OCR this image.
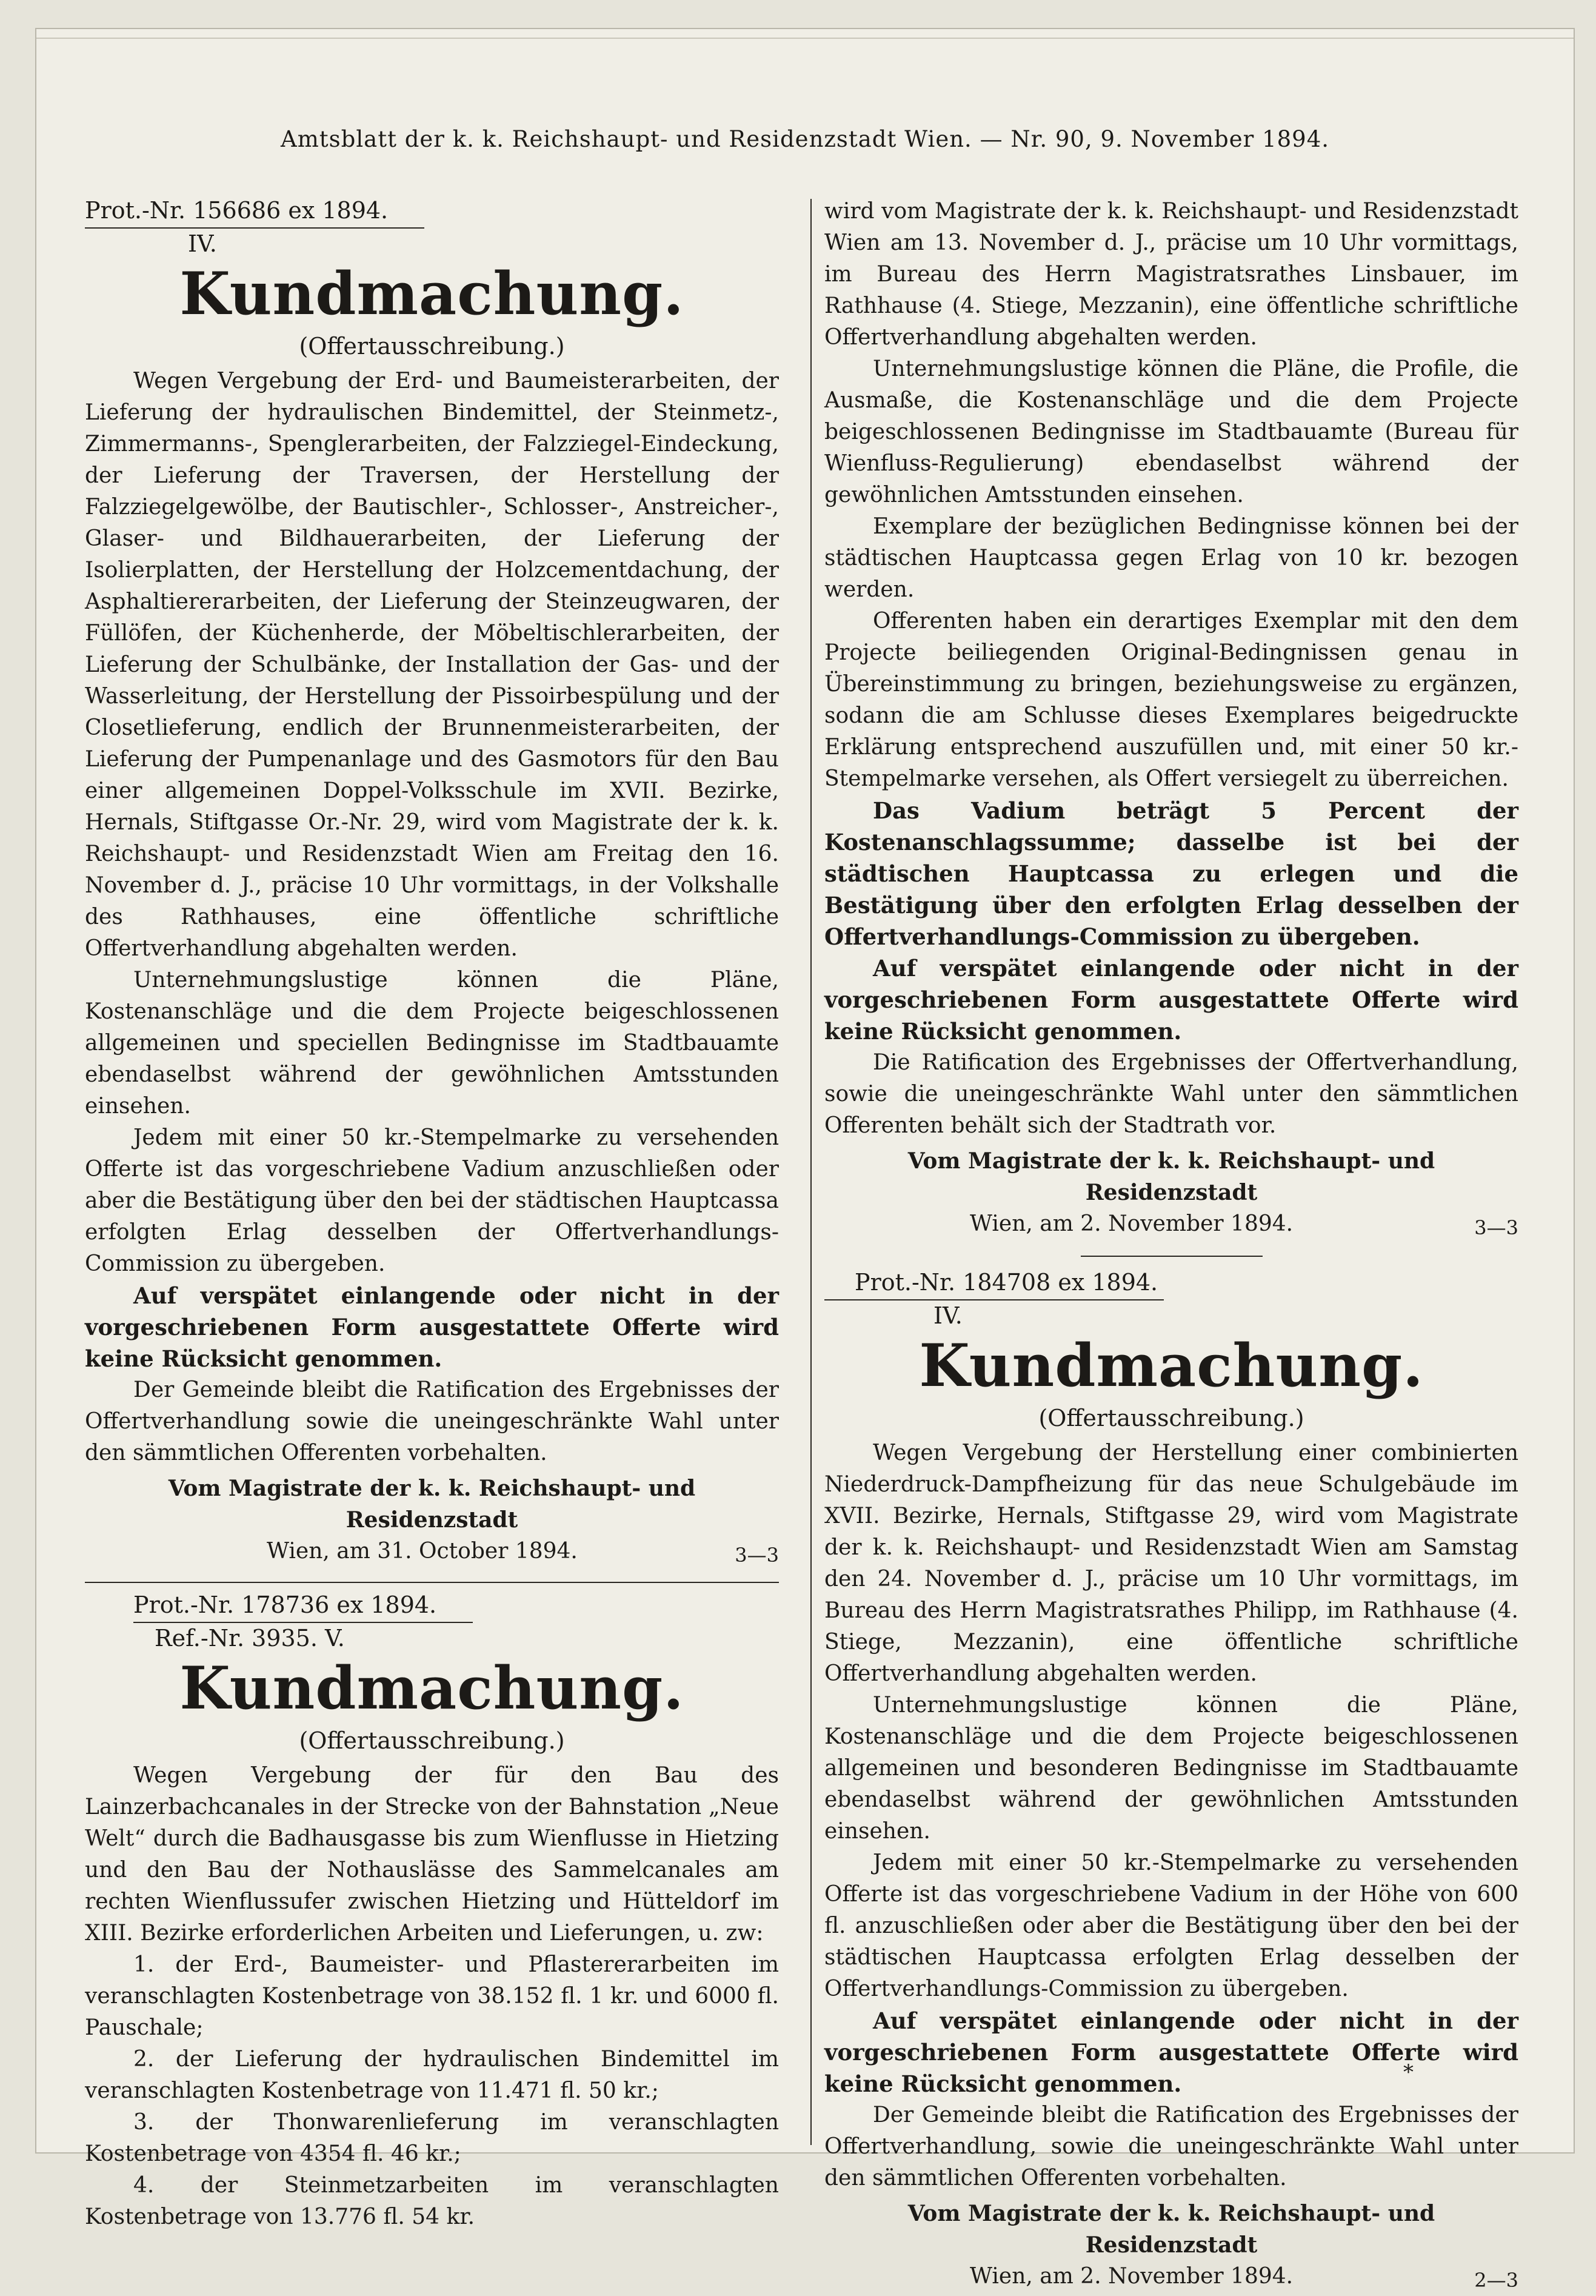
Amtsblatt der k. k. Reichshaupt- und Residenzstadt Wien. — Nr. 90, 9. November 1894.
Prot.-Nr. 156686 ex 1894.
IV.
Kundmachung.
(Offertausschreibung.)

Wegen Vergebung der Erd- und Baumeisterarbeiten, der Lieferung der hydraulischen Bindemittel, der Steinmetz-, Zimmermanns-, Spenglerarbeiten, der Falzziegel-Eindeckung, der Lieferung der Traversen, der Herstellung der Falzziegelgewölbe, der Bautischler-, Schlosser-, Anstreicher-, Glaser- und Bildhauerarbeiten, der Lieferung der Isolierplatten, der Herstellung der Holzcementdachung, der Asphaltiererarbeiten, der Lieferung der Steinzeugwaren, der Füllöfen, der Küchenherde, der Möbeltischlerarbeiten, der Lieferung der Schulbänke, der Installation der Gas- und der Wasserleitung, der Herstellung der Pissoirbespülung und der Closetlieferung, endlich der Brunnenmeisterarbeiten, der Lieferung der Pumpenanlage und des Gasmotors für den Bau einer allgemeinen Doppel-Volksschule im XVII. Bezirke, Hernals, Stiftgasse Or.-Nr. 29, wird vom Magistrate der k. k. Reichshaupt- und Residenzstadt Wien am Freitag den 16. November d. J., präcise 10 Uhr vormittags, in der Volkshalle des Rathhauses, eine öffentliche schriftliche Offertverhandlung abgehalten werden.

Unternehmungslustige können die Pläne, Kostenanschläge und die dem Projecte beigeschlossenen allgemeinen und speciellen Bedingnisse im Stadtbauamte ebendaselbst während der gewöhnlichen Amtsstunden einsehen.

Jedem mit einer 50 kr.-Stempelmarke zu versehenden Offerte ist das vorgeschriebene Vadium anzuschließen oder aber die Bestätigung über den bei der städtischen Hauptcassa erfolgten Erlag desselben der Offertverhandlungs-Commission zu übergeben.

Auf verspätet einlangende oder nicht in der vorgeschriebenen Form ausgestattete Offerte wird keine Rücksicht genommen.

Der Gemeinde bleibt die Ratification des Ergebnisses der Offertverhandlung sowie die uneingeschränkte Wahl unter den sämmtlichen Offerenten vorbehalten.

Vom Magistrate der k. k. Reichshaupt- und Residenzstadt
Wien, am 31. October 1894.	3—3
Prot.-Nr. 178736 ex 1894.
Ref.-Nr. 3935. V.
Kundmachung.
(Offertausschreibung.)

Wegen Vergebung der für den Bau des Lainzerbachcanales in der Strecke von der Bahnstation „Neue Welt“ durch die Badhausgasse bis zum Wienflusse in Hietzing und den Bau der Nothauslässe des Sammelcanales am rechten Wienflussufer zwischen Hietzing und Hütteldorf im XIII. Bezirke erforderlichen Arbeiten und Lieferungen, u. zw:

1. der Erd-, Baumeister- und Pflastererarbeiten im veranschlagten Kostenbetrage von 38.152 fl. 1 kr. und 6000 fl. Pauschale;

2. der Lieferung der hydraulischen Bindemittel im veranschlagten Kostenbetrage von 11.471 fl. 50 kr.;

3. der Thonwarenlieferung im veranschlagten Kostenbetrage von 4354 fl. 46 kr.;

4. der Steinmetzarbeiten im veranschlagten Kostenbetrage von 13.776 fl. 54 kr.

wird vom Magistrate der k. k. Reichshaupt- und Residenzstadt Wien am 13. November d. J., präcise um 10 Uhr vormittags, im Bureau des Herrn Magistratsrathes Linsbauer, im Rathhause (4. Stiege, Mezzanin), eine öffentliche schriftliche Offertverhandlung abgehalten werden.

Unternehmungslustige können die Pläne, die Profile, die Ausmaße, die Kostenanschläge und die dem Projecte beigeschlossenen Bedingnisse im Stadtbauamte (Bureau für Wienfluss-Regulierung) ebendaselbst während der gewöhnlichen Amtsstunden einsehen.

Exemplare der bezüglichen Bedingnisse können bei der städtischen Hauptcassa gegen Erlag von 10 kr. bezogen werden.

Offerenten haben ein derartiges Exemplar mit den dem Projecte beiliegenden Original-Bedingnissen genau in Übereinstimmung zu bringen, beziehungsweise zu ergänzen, sodann die am Schlusse dieses Exemplares beigedruckte Erklärung entsprechend auszufüllen und, mit einer 50 kr.-Stempelmarke versehen, als Offert versiegelt zu überreichen.

Das Vadium beträgt 5 Percent der Kostenanschlagssumme; dasselbe ist bei der städtischen Hauptcassa zu erlegen und die Bestätigung über den erfolgten Erlag desselben der Offertverhandlungs-Commission zu übergeben.

Auf verspätet einlangende oder nicht in der vorgeschriebenen Form ausgestattete Offerte wird keine Rücksicht genommen.

Die Ratification des Ergebnisses der Offertverhandlung, sowie die uneingeschränkte Wahl unter den sämmtlichen Offerenten behält sich der Stadtrath vor.

Vom Magistrate der k. k. Reichshaupt- und Residenzstadt
Wien, am 2. November 1894.	3—3
Prot.-Nr. 184708 ex 1894.
IV.
Kundmachung.
(Offertausschreibung.)

Wegen Vergebung der Herstellung einer combinierten Niederdruck-Dampfheizung für das neue Schulgebäude im XVII. Bezirke, Hernals, Stiftgasse 29, wird vom Magistrate der k. k. Reichshaupt- und Residenzstadt Wien am Samstag den 24. November d. J., präcise um 10 Uhr vormittags, im Bureau des Herrn Magistratsrathes Philipp, im Rathhause (4. Stiege, Mezzanin), eine öffentliche schriftliche Offertverhandlung abgehalten werden.

Unternehmungslustige können die Pläne, Kostenanschläge und die dem Projecte beigeschlossenen allgemeinen und besonderen Bedingnisse im Stadtbauamte ebendaselbst während der gewöhnlichen Amtsstunden einsehen.

Jedem mit einer 50 kr.-Stempelmarke zu versehenden Offerte ist das vorgeschriebene Vadium in der Höhe von 600 fl. anzuschließen oder aber die Bestätigung über den bei der städtischen Hauptcassa erfolgten Erlag desselben der Offertverhandlungs-Commission zu übergeben.

Auf verspätet einlangende oder nicht in der vorgeschriebenen Form ausgestattete Offerte wird keine Rücksicht genommen.

Der Gemeinde bleibt die Ratification des Ergebnisses der Offertverhandlung, sowie die uneingeschränkte Wahl unter den sämmtlichen Offerenten vorbehalten.

Vom Magistrate der k. k. Reichshaupt- und Residenzstadt
Wien, am 2. November 1894.	2—3
*
